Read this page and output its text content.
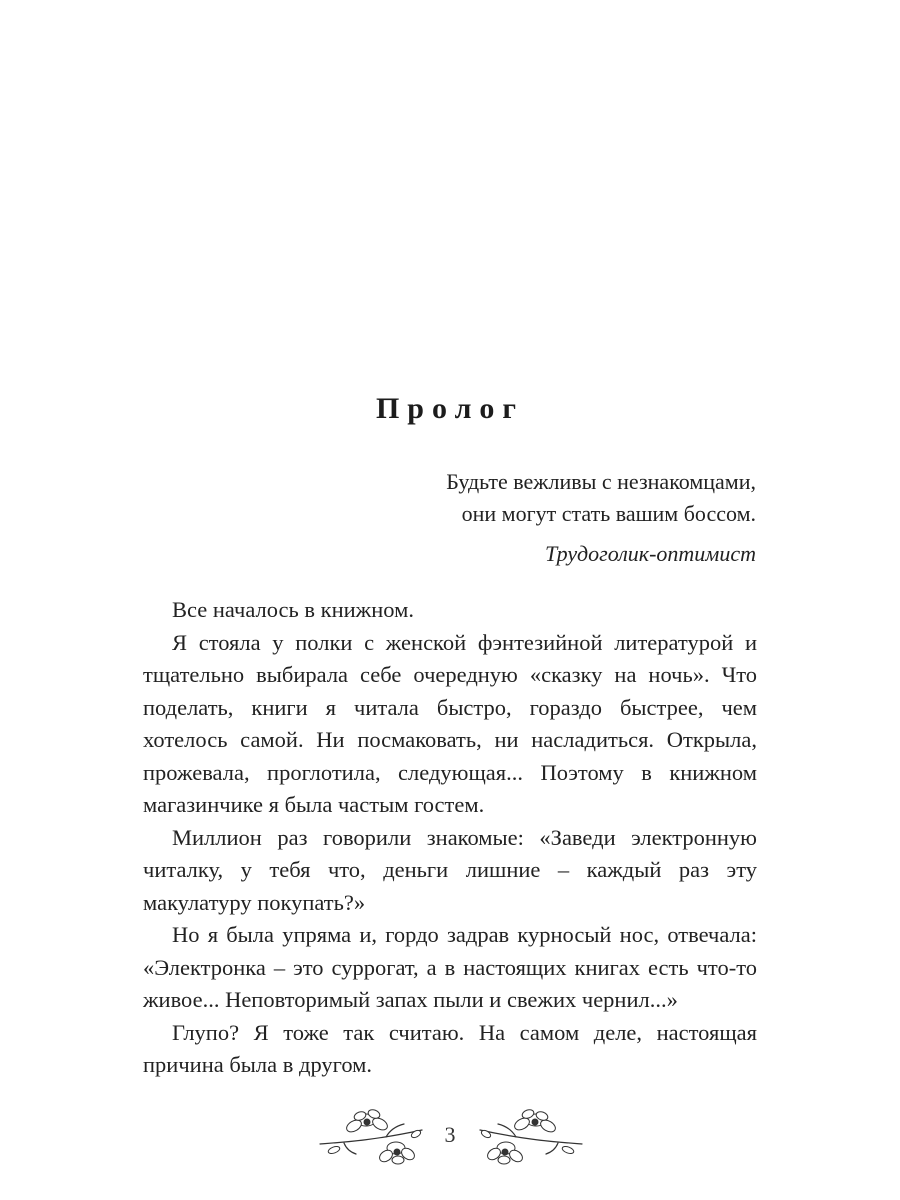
Пролог
Будьте вежливы с незнакомцами,
они могут стать вашим боссом.
Трудоголик-оптимист

Все началось в книжном.

Я стояла у полки с женской фэнтезийной литературой и тщательно выбирала себе очередную «сказку на ночь». Что поделать, книги я читала быстро, гораздо быстрее, чем хотелось самой. Ни посмаковать, ни насладиться. Открыла, прожевала, проглотила, следующая... Поэтому в книжном магазинчике я была частым гостем.

Миллион раз говорили знакомые: «Заведи электронную читалку, у тебя что, деньги лишние – каждый раз эту макулатуру покупать?»

Но я была упряма и, гордо задрав курносый нос, отвечала: «Электронка – это суррогат, а в настоящих книгах есть что-то живое... Неповторимый запах пыли и свежих чернил...»

Глупо? Я тоже так считаю. На самом деле, настоящая причина была в другом.

3
